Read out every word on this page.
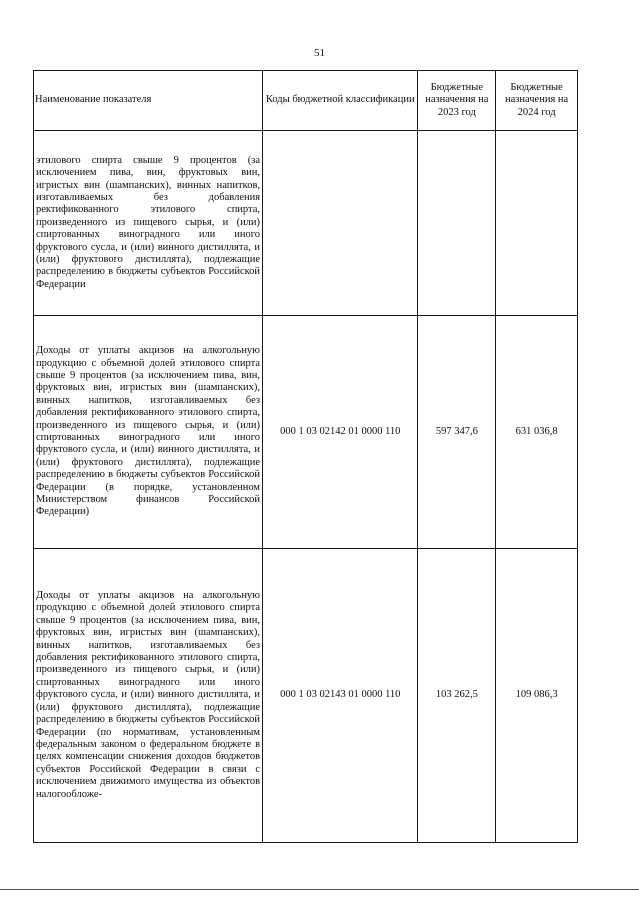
51
Наименование показателя	Коды бюджетной классификации	Бюджетные назначения на 2023 год	Бюджетные назначения на 2024 год
этилового спирта свыше 9 процентов (за исключением пива, вин, фруктовых вин, игристых вин (шампанских), винных напитков, изготавливаемых без добавления ректификованного этилового спирта, произведенного из пищевого сырья, и (или) спиртованных виноградного или иного фруктового сусла, и (или) винного дистиллята, и (или) фруктового дистиллята), подлежащие распределению в бюджеты субъектов Российской Федерации			
Доходы от уплаты акцизов на алкогольную продукцию с объемной долей этилового спирта свыше 9 процентов (за исключением пива, вин, фруктовых вин, игристых вин (шампанских), винных напитков, изготавливаемых без добавления ректификованного этилового спирта, произведенного из пищевого сырья, и (или) спиртованных виноградного или иного фруктового сусла, и (или) винного дистиллята, и (или) фруктового дистиллята), подлежащие распределению в бюджеты субъектов Российской Федерации (в порядке, установленном Министерством финансов Российской Федерации)	000 1 03 02142 01 0000 110	597 347,6	631 036,8
Доходы от уплаты акцизов на алкогольную продукцию с объемной долей этилового спирта свыше 9 процентов (за исключением пива, вин, фруктовых вин, игристых вин (шампанских), винных напитков, изготавливаемых без добавления ректификованного этилового спирта, произведенного из пищевого сырья, и (или) спиртованных виноградного или иного фруктового сусла, и (или) винного дистиллята, и (или) фруктового дистиллята), подлежащие распределению в бюджеты субъектов Российской Федерации (по нормативам, установленным федеральным законом о федеральном бюджете в целях компенсации снижения доходов бюджетов субъектов Российской Федерации в связи с исключением движимого имущества из объектов налогообложе-	000 1 03 02143 01 0000 110	103 262,5	109 086,3
